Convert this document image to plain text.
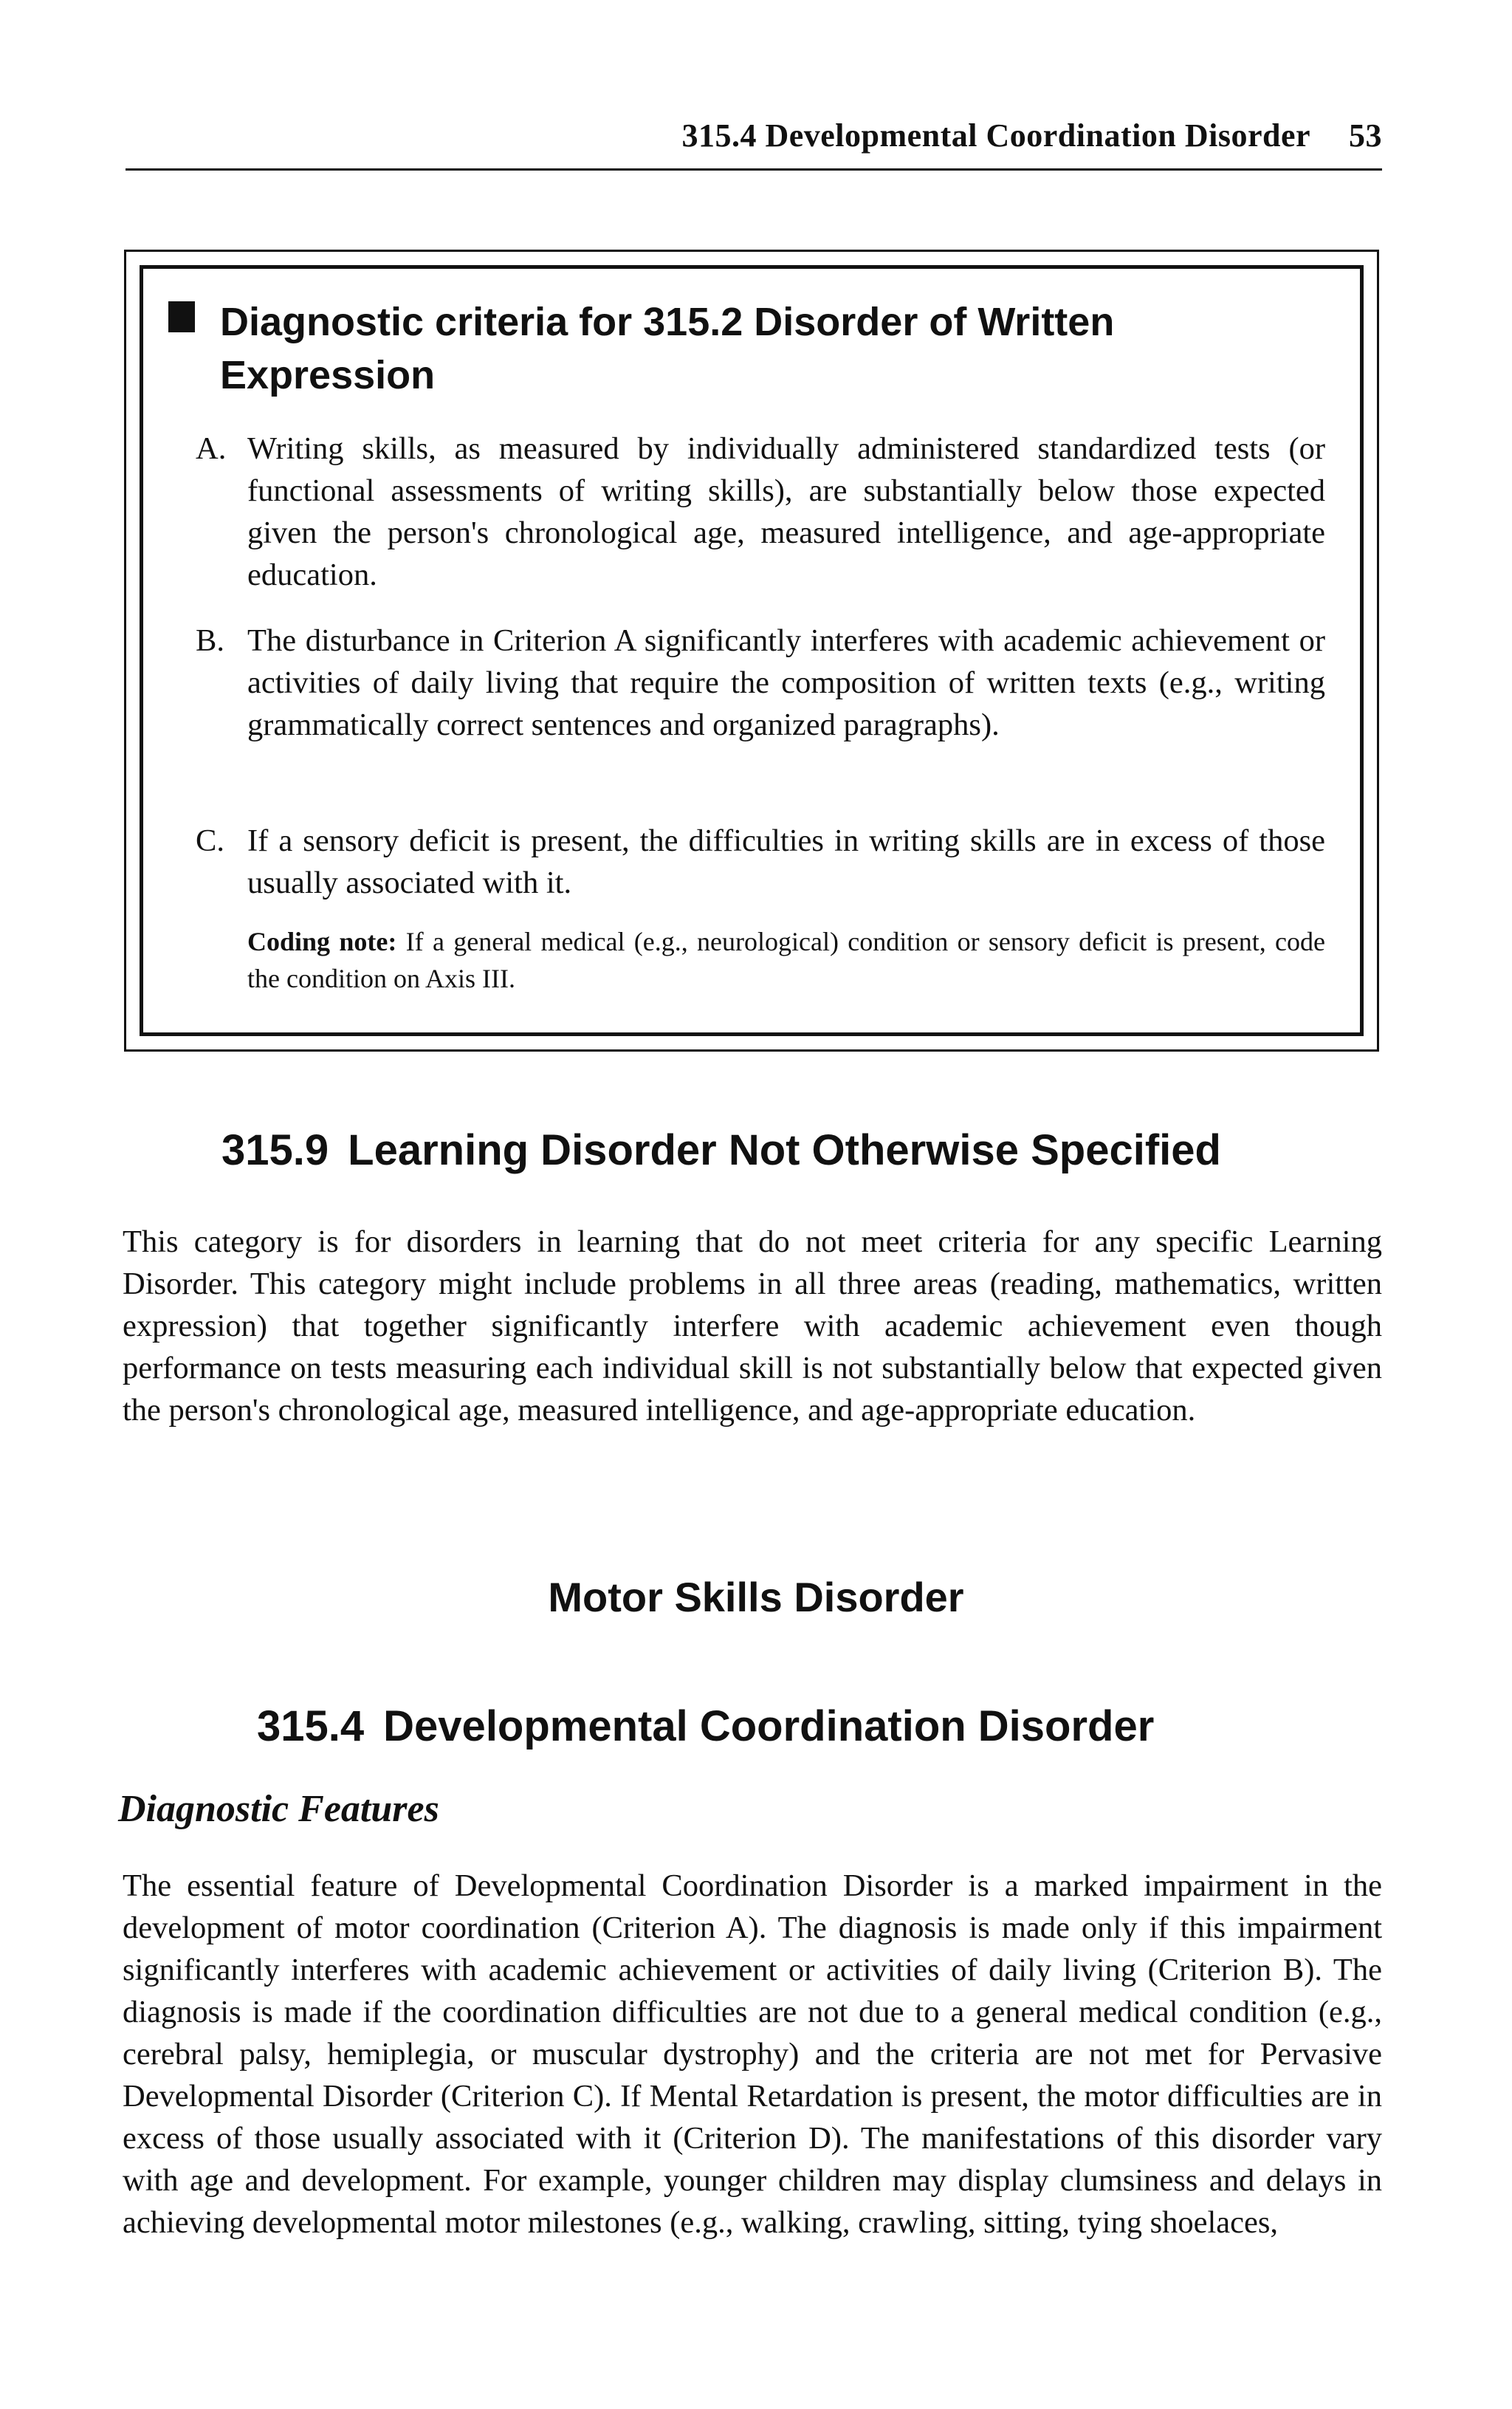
315.4 Developmental Coordination Disorder 53
Diagnostic criteria for 315.2 Disorder of Written Expression
A. Writing skills, as measured by individually administered standardized tests (or functional assessments of writing skills), are substantially below those expected given the person's chronological age, measured intelligence, and age-appropriate education.
B. The disturbance in Criterion A significantly interferes with academic achievement or activities of daily living that require the composition of written texts (e.g., writing grammatically correct sentences and organized paragraphs).
C. If a sensory deficit is present, the difficulties in writing skills are in excess of those usually associated with it.
Coding note: If a general medical (e.g., neurological) condition or sensory deficit is present, code the condition on Axis III.
315.9 Learning Disorder Not Otherwise Specified
This category is for disorders in learning that do not meet criteria for any specific Learning Disorder. This category might include problems in all three areas (reading, mathematics, written expression) that together significantly interfere with academic achievement even though performance on tests measuring each individual skill is not substantially below that expected given the person's chronological age, measured intelligence, and age-appropriate education.
Motor Skills Disorder
315.4 Developmental Coordination Disorder
Diagnostic Features
The essential feature of Developmental Coordination Disorder is a marked impairment in the development of motor coordination (Criterion A). The diagnosis is made only if this impairment significantly interferes with academic achievement or activities of daily living (Criterion B). The diagnosis is made if the coordination difficulties are not due to a general medical condition (e.g., cerebral palsy, hemiplegia, or muscular dystrophy) and the criteria are not met for Pervasive Developmental Disorder (Criterion C). If Mental Retardation is present, the motor difficulties are in excess of those usually associated with it (Criterion D). The manifestations of this disorder vary with age and development. For example, younger children may display clumsiness and delays in achieving developmental motor milestones (e.g., walking, crawling, sitting, tying shoelaces,
